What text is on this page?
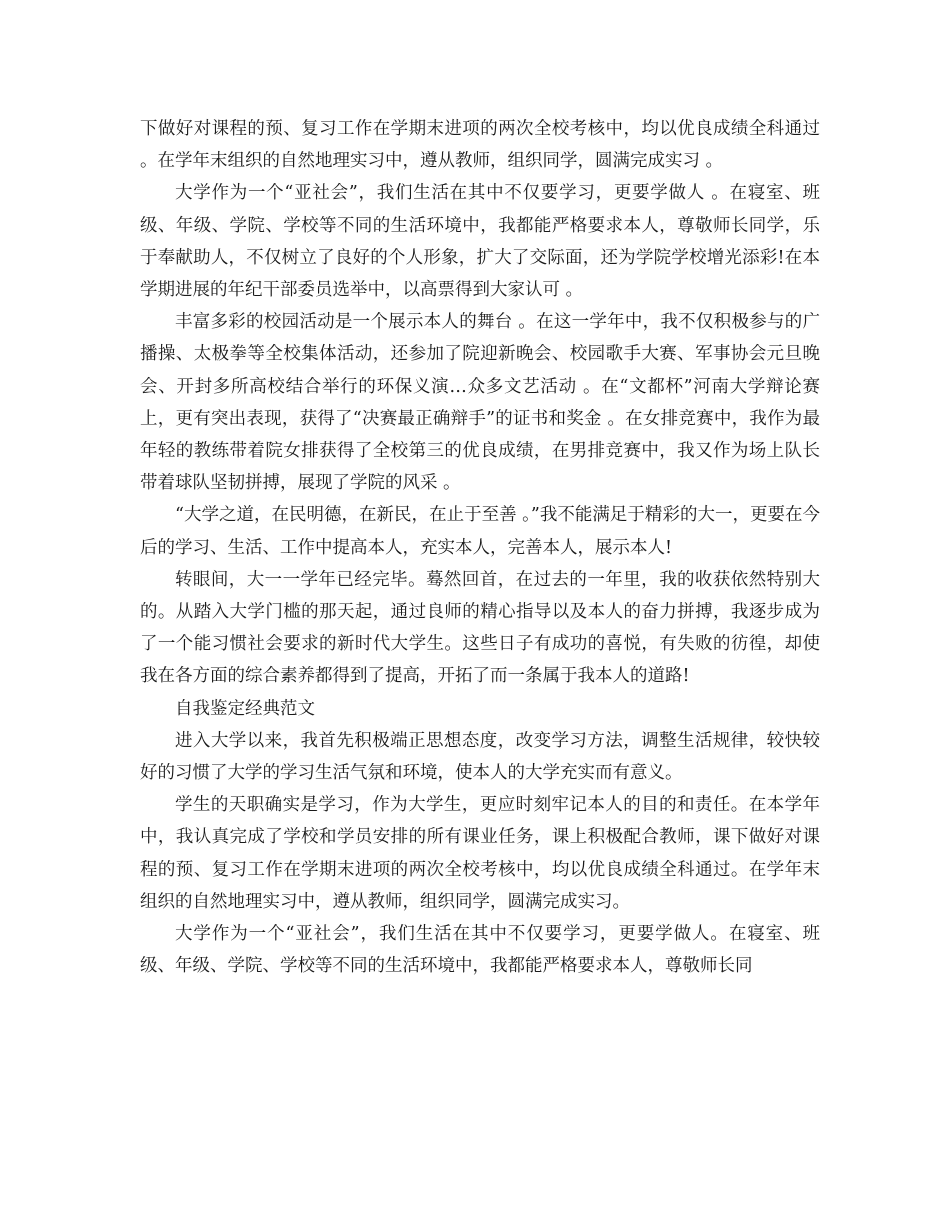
下做好对课程的预、复习工作在学期末进项的两次全校考核中，均以优良成绩全科通过 。在学年末组织的自然地理实习中，遵从教师，组织同学，圆满完成实习 。

大学作为一个“亚社会”，我们生活在其中不仅要学习，更要学做人 。在寝室、班级、年级、学院、学校等不同的生活环境中，我都能严格要求本人，尊敬师长同学，乐于奉献助人，不仅树立了良好的个人形象，扩大了交际面，还为学院学校增光添彩!在本学期进展的年纪干部委员选举中，以高票得到大家认可 。

丰富多彩的校园活动是一个展示本人的舞台 。在这一学年中，我不仅积极参与的广播操、太极拳等全校集体活动，还参加了院迎新晚会、校园歌手大赛、军事协会元旦晚会、开封多所高校结合举行的环保义演…众多文艺活动 。在“文都杯”河南大学辩论赛上，更有突出表现，获得了“决赛最正确辩手”的证书和奖金 。在女排竞赛中，我作为最年轻的教练带着院女排获得了全校第三的优良成绩，在男排竞赛中，我又作为场上队长带着球队坚韧拼搏，展现了学院的风采 。

“大学之道，在民明德，在新民，在止于至善 。”我不能满足于精彩的大一，更要在今后的学习、生活、工作中提高本人，充实本人，完善本人，展示本人!

转眼间，大一一学年已经完毕。蓦然回首，在过去的一年里，我的收获依然特别大的。从踏入大学门槛的那天起，通过良师的精心指导以及本人的奋力拼搏，我逐步成为了一个能习惯社会要求的新时代大学生。这些日子有成功的喜悦，有失败的彷徨，却使我在各方面的综合素养都得到了提高，开拓了而一条属于我本人的道路!

自我鉴定经典范文

进入大学以来，我首先积极端正思想态度，改变学习方法，调整生活规律，较快较好的习惯了大学的学习生活气氛和环境，使本人的大学充实而有意义。

学生的天职确实是学习，作为大学生，更应时刻牢记本人的目的和责任。在本学年中，我认真完成了学校和学员安排的所有课业任务，课上积极配合教师，课下做好对课程的预、复习工作在学期末进项的两次全校考核中，均以优良成绩全科通过。在学年末组织的自然地理实习中，遵从教师，组织同学，圆满完成实习。

大学作为一个“亚社会”，我们生活在其中不仅要学习，更要学做人。在寝室、班级、年级、学院、学校等不同的生活环境中，我都能严格要求本人，尊敬师长同
